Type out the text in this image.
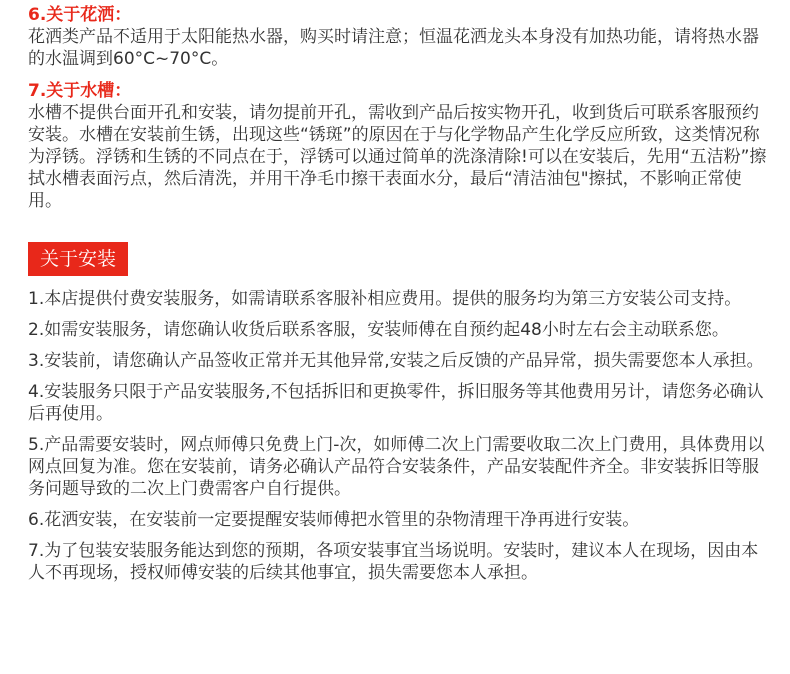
6.关于花洒：

花洒类产品不适用于太阳能热水器，购买时请注意；恒温花洒龙头本身没有加热功能，请将热水器的水温调到60°C~70°C。

7.关于水槽：

水槽不提供台面开孔和安装，请勿提前开孔，需收到产品后按实物开孔，收到货后可联系客服预约安装。水槽在安装前生锈，出现这些“锈斑”的原因在于与化学物品产生化学反应所致，这类情况称为浮锈。浮锈和生锈的不同点在于，浮锈可以通过简单的洗涤清除!可以在安装后，先用“五洁粉”擦拭水槽表面污点，然后清洗，并用干净毛巾擦干表面水分，最后“清洁油包"擦拭，不影响正常使用。

关于安装
1.本店提供付费安装服务，如需请联系客服补相应费用。提供的服务均为第三方安装公司支持。
2.如需安装服务，请您确认收货后联系客服，安装师傅在自预约起48小时左右会主动联系您。
3.安装前，请您确认产品签收正常并无其他异常,安装之后反馈的产品异常，损失需要您本人承担。
4.安装服务只限于产品安装服务,不包括拆旧和更换零件，拆旧服务等其他费用另计，请您务必确认后再使用。
5.产品需要安装时，网点师傅只免费上门-次，如师傅二次上门需要收取二次上门费用，具体费用以网点回复为准。您在安装前，请务必确认产品符合安装条件，产品安装配件齐全。非安装拆旧等服务问题导致的二次上门费需客户自行提供。
6.花洒安装，在安装前一定要提醒安装师傅把水管里的杂物清理干净再进行安装。
7.为了包装安装服务能达到您的预期，各项安装事宜当场说明。安装时，建议本人在现场，因由本人不再现场，授权师傅安装的后续其他事宜，损失需要您本人承担。
